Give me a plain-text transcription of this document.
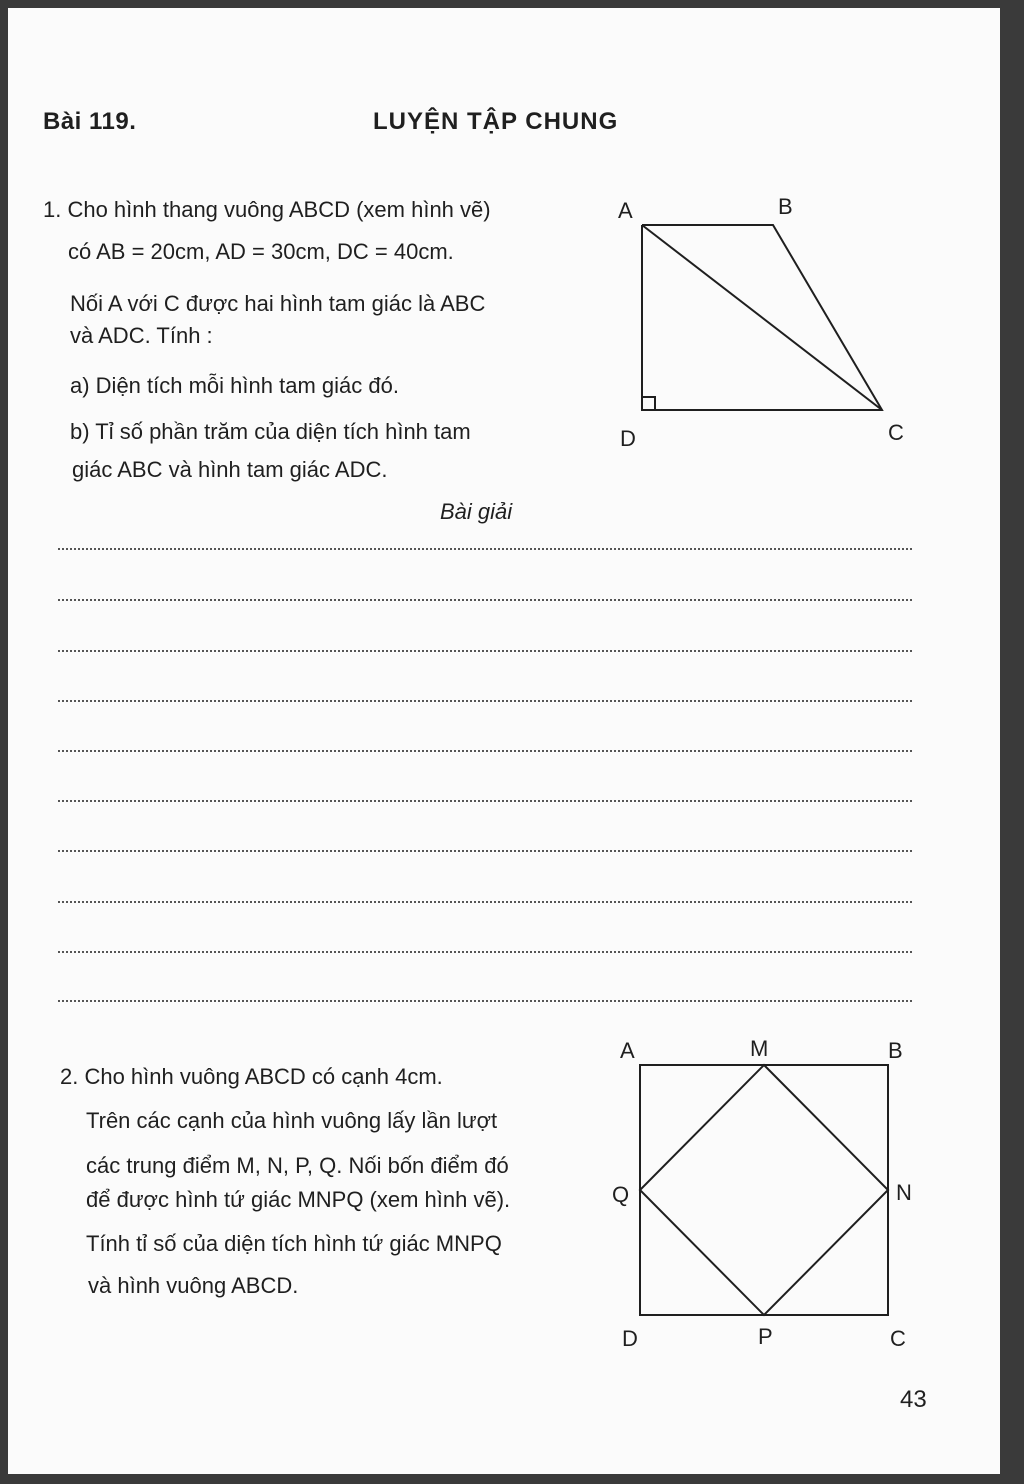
Bài 119.	LUYỆN TẬP CHUNG
1. Cho hình thang vuông ABCD (xem hình vẽ)
có AB = 20cm, AD = 30cm, DC = 40cm.
Nối A với C được hai hình tam giác là ABC
và ADC. Tính :
a) Diện tích mỗi hình tam giác đó.
b) Tỉ số phần trăm của diện tích hình tam
giác ABC và hình tam giác ADC.
Bài giải
A	B
C
D
A	M	B
Q	N
D	P	C
2. Cho hình vuông ABCD có cạnh 4cm.
Trên các cạnh của hình vuông lấy lần lượt
các trung điểm M, N, P, Q. Nối bốn điểm đó
để được hình tứ giác MNPQ (xem hình vẽ).
Tính tỉ số của diện tích hình tứ giác MNPQ
và hình vuông ABCD.
43
